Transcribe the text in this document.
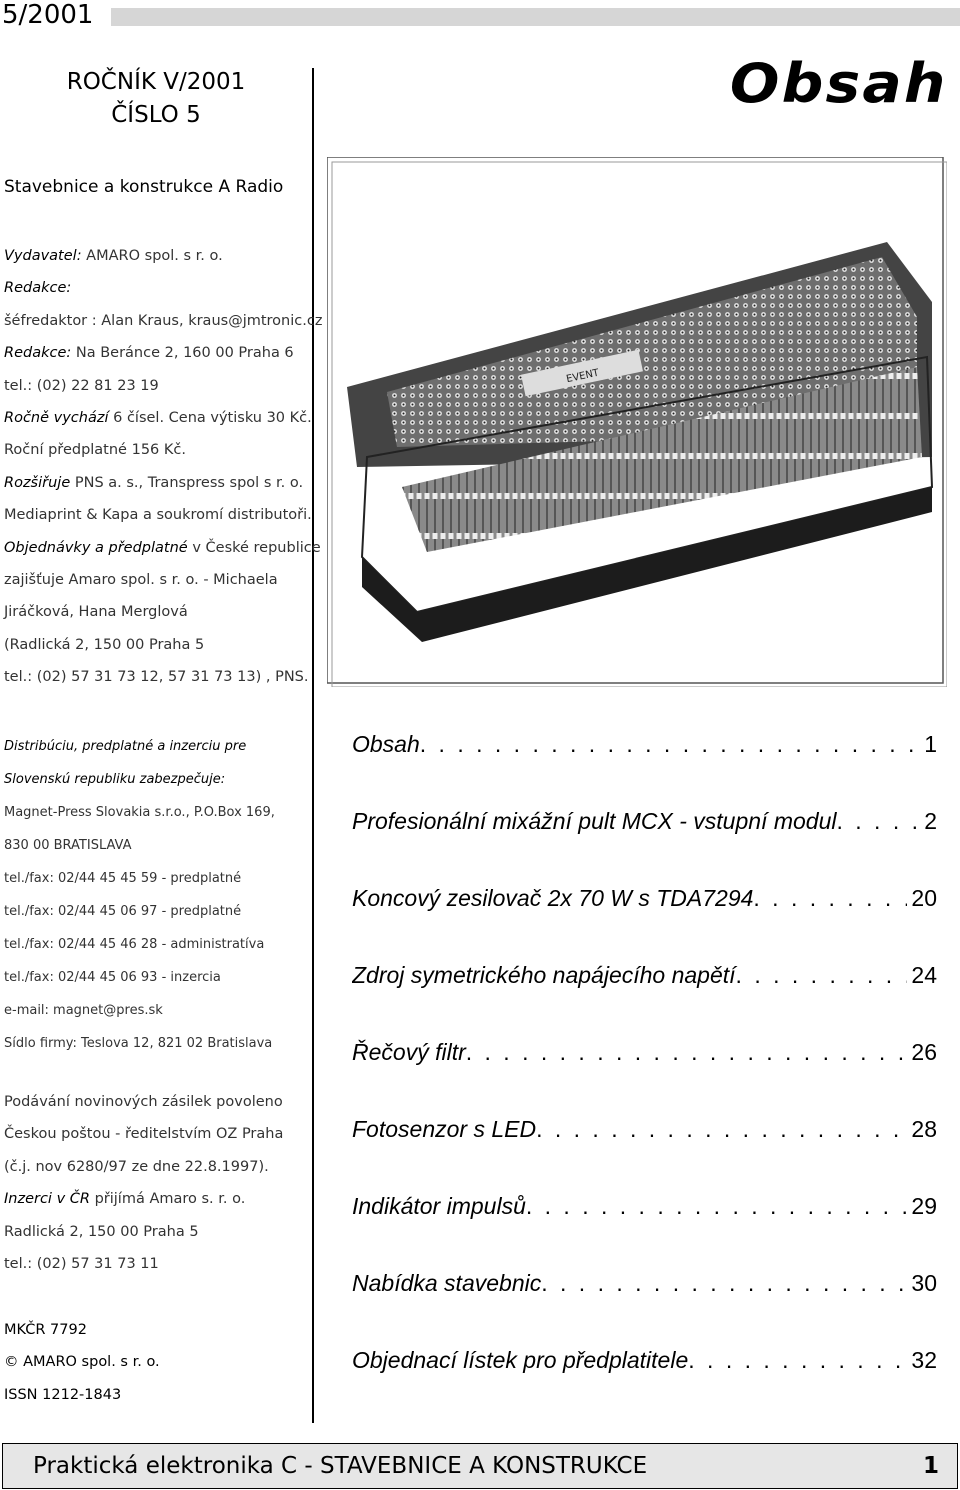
5/2001
Obsah
ROČNÍK V/2001
ČÍSLO 5
Stavebnice a konstrukce A Radio
Vydavatel: AMARO spol. s r. o.
Redakce:
šéfredaktor : Alan Kraus, kraus@jmtronic.cz
Redakce: Na Beránce 2, 160 00 Praha 6
tel.: (02) 22 81 23 19
Ročně vychází 6 čísel. Cena výtisku 30 Kč.
Roční předplatné 156 Kč.
Rozšiřuje PNS a. s., Transpress spol s r. o.
Mediaprint & Kapa a soukromí distributoři.
Objednávky a předplatné v České republice
zajišťuje Amaro spol. s r. o. - Michaela
Jiráčková, Hana Merglová
(Radlická 2, 150 00 Praha 5
tel.: (02) 57 31 73 12, 57 31 73 13) , PNS.
Distribúciu, predplatné a inzerciu pre
Slovenskú republiku zabezpečuje:
Magnet-Press Slovakia s.r.o., P.O.Box 169,
830 00 BRATISLAVA
tel./fax: 02/44 45 45 59 - predplatné
tel./fax: 02/44 45 06 97 - predplatné
tel./fax: 02/44 45 46 28 - administratíva
tel./fax: 02/44 45 06 93 - inzercia
e-mail: magnet@pres.sk
Sídlo firmy: Teslova 12, 821 02 Bratislava
Podávání novinových zásilek povoleno
Českou poštou - ředitelstvím OZ Praha
(č.j. nov 6280/97 ze dne 22.8.1997).
Inzerci v ČR přijímá Amaro s. r. o.
Radlická 2, 150 00 Praha 5
tel.: (02) 57 31 73 11
MKČR 7792
© AMARO spol. s r. o.
ISSN 1212-1843
EVENT
Obsah . . .	1
Profesionální mixážní pult MCX - vstupní modul . . .	2
Koncový zesilovač 2x 70 W s TDA7294 . . .	20
Zdroj symetrického napájecího napětí . . .	24
Řečový filtr . . .	26
Fotosenzor s LED . . .	28
Indikátor impulsů . . .	29
Nabídka stavebnic . . .	30
Objednací lístek pro předplatitele . . .	32
Praktická elektronika C - STAVEBNICE A KONSTRUKCE	1
